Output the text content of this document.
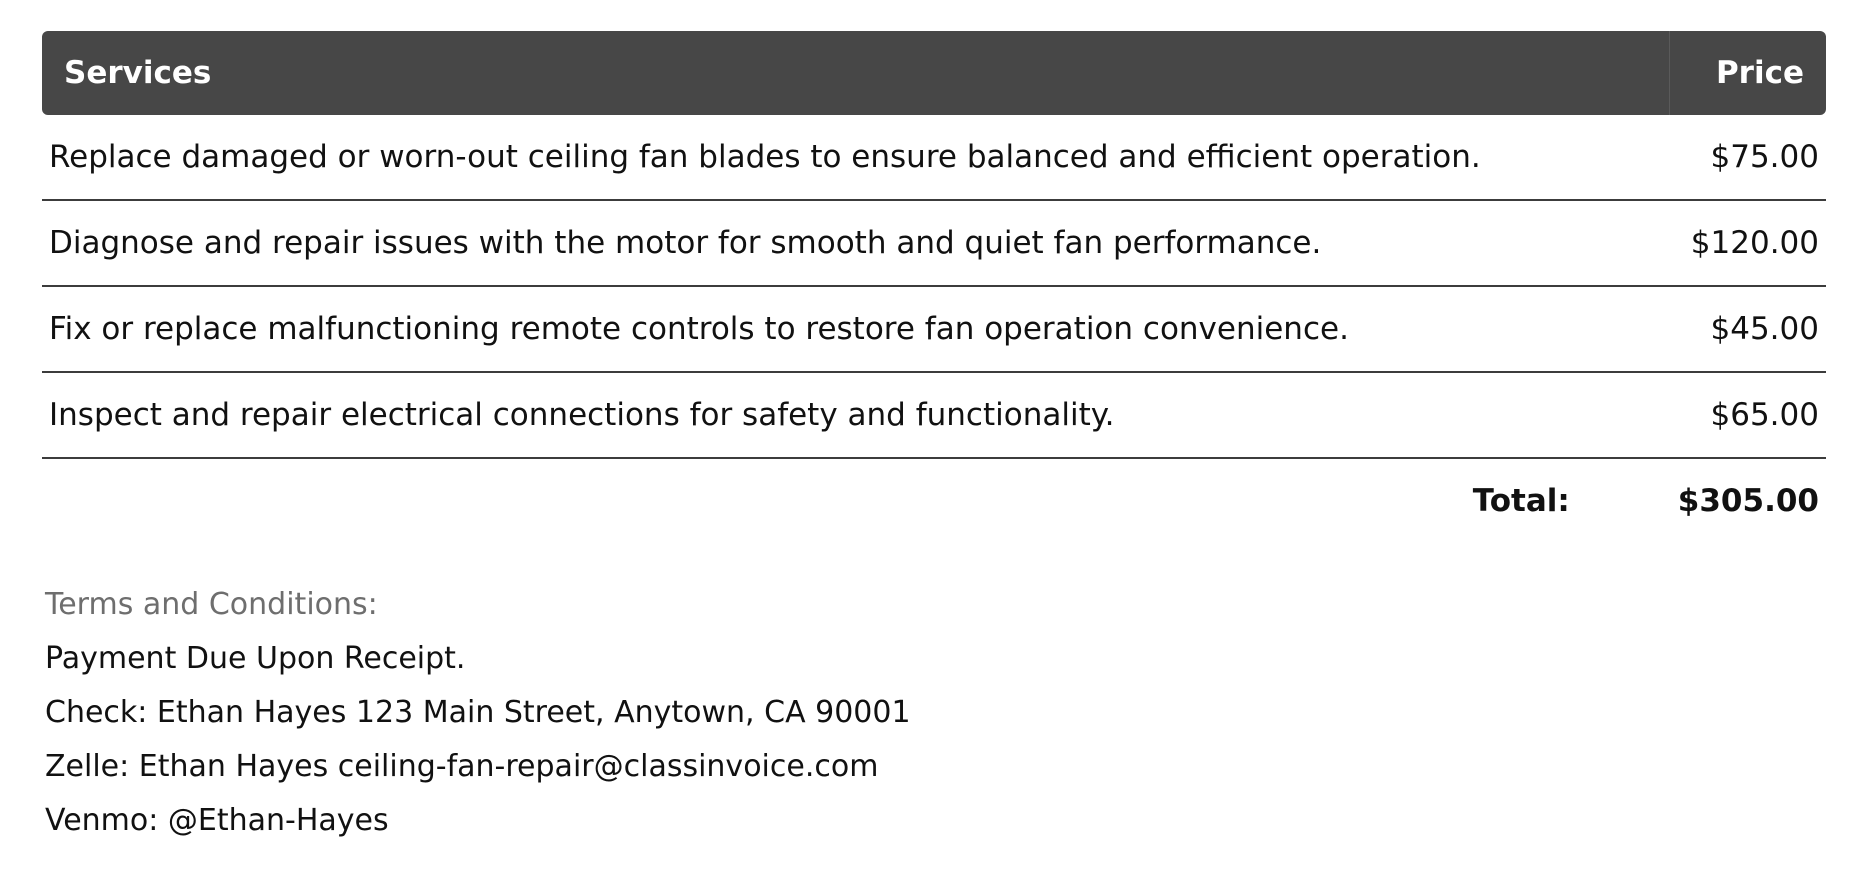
Services	Price
Replace damaged or worn-out ceiling fan blades to ensure balanced and efficient operation.	$75.00
Diagnose and repair issues with the motor for smooth and quiet fan performance.	$120.00
Fix or replace malfunctioning remote controls to restore fan operation convenience.	$45.00
Inspect and repair electrical connections for safety and functionality.	$65.00
Total:	$305.00
Terms and Conditions:
Payment Due Upon Receipt.
Check: Ethan Hayes 123 Main Street, Anytown, CA 90001
Zelle: Ethan Hayes ceiling-fan-repair@classinvoice.com
Venmo: @Ethan-Hayes
